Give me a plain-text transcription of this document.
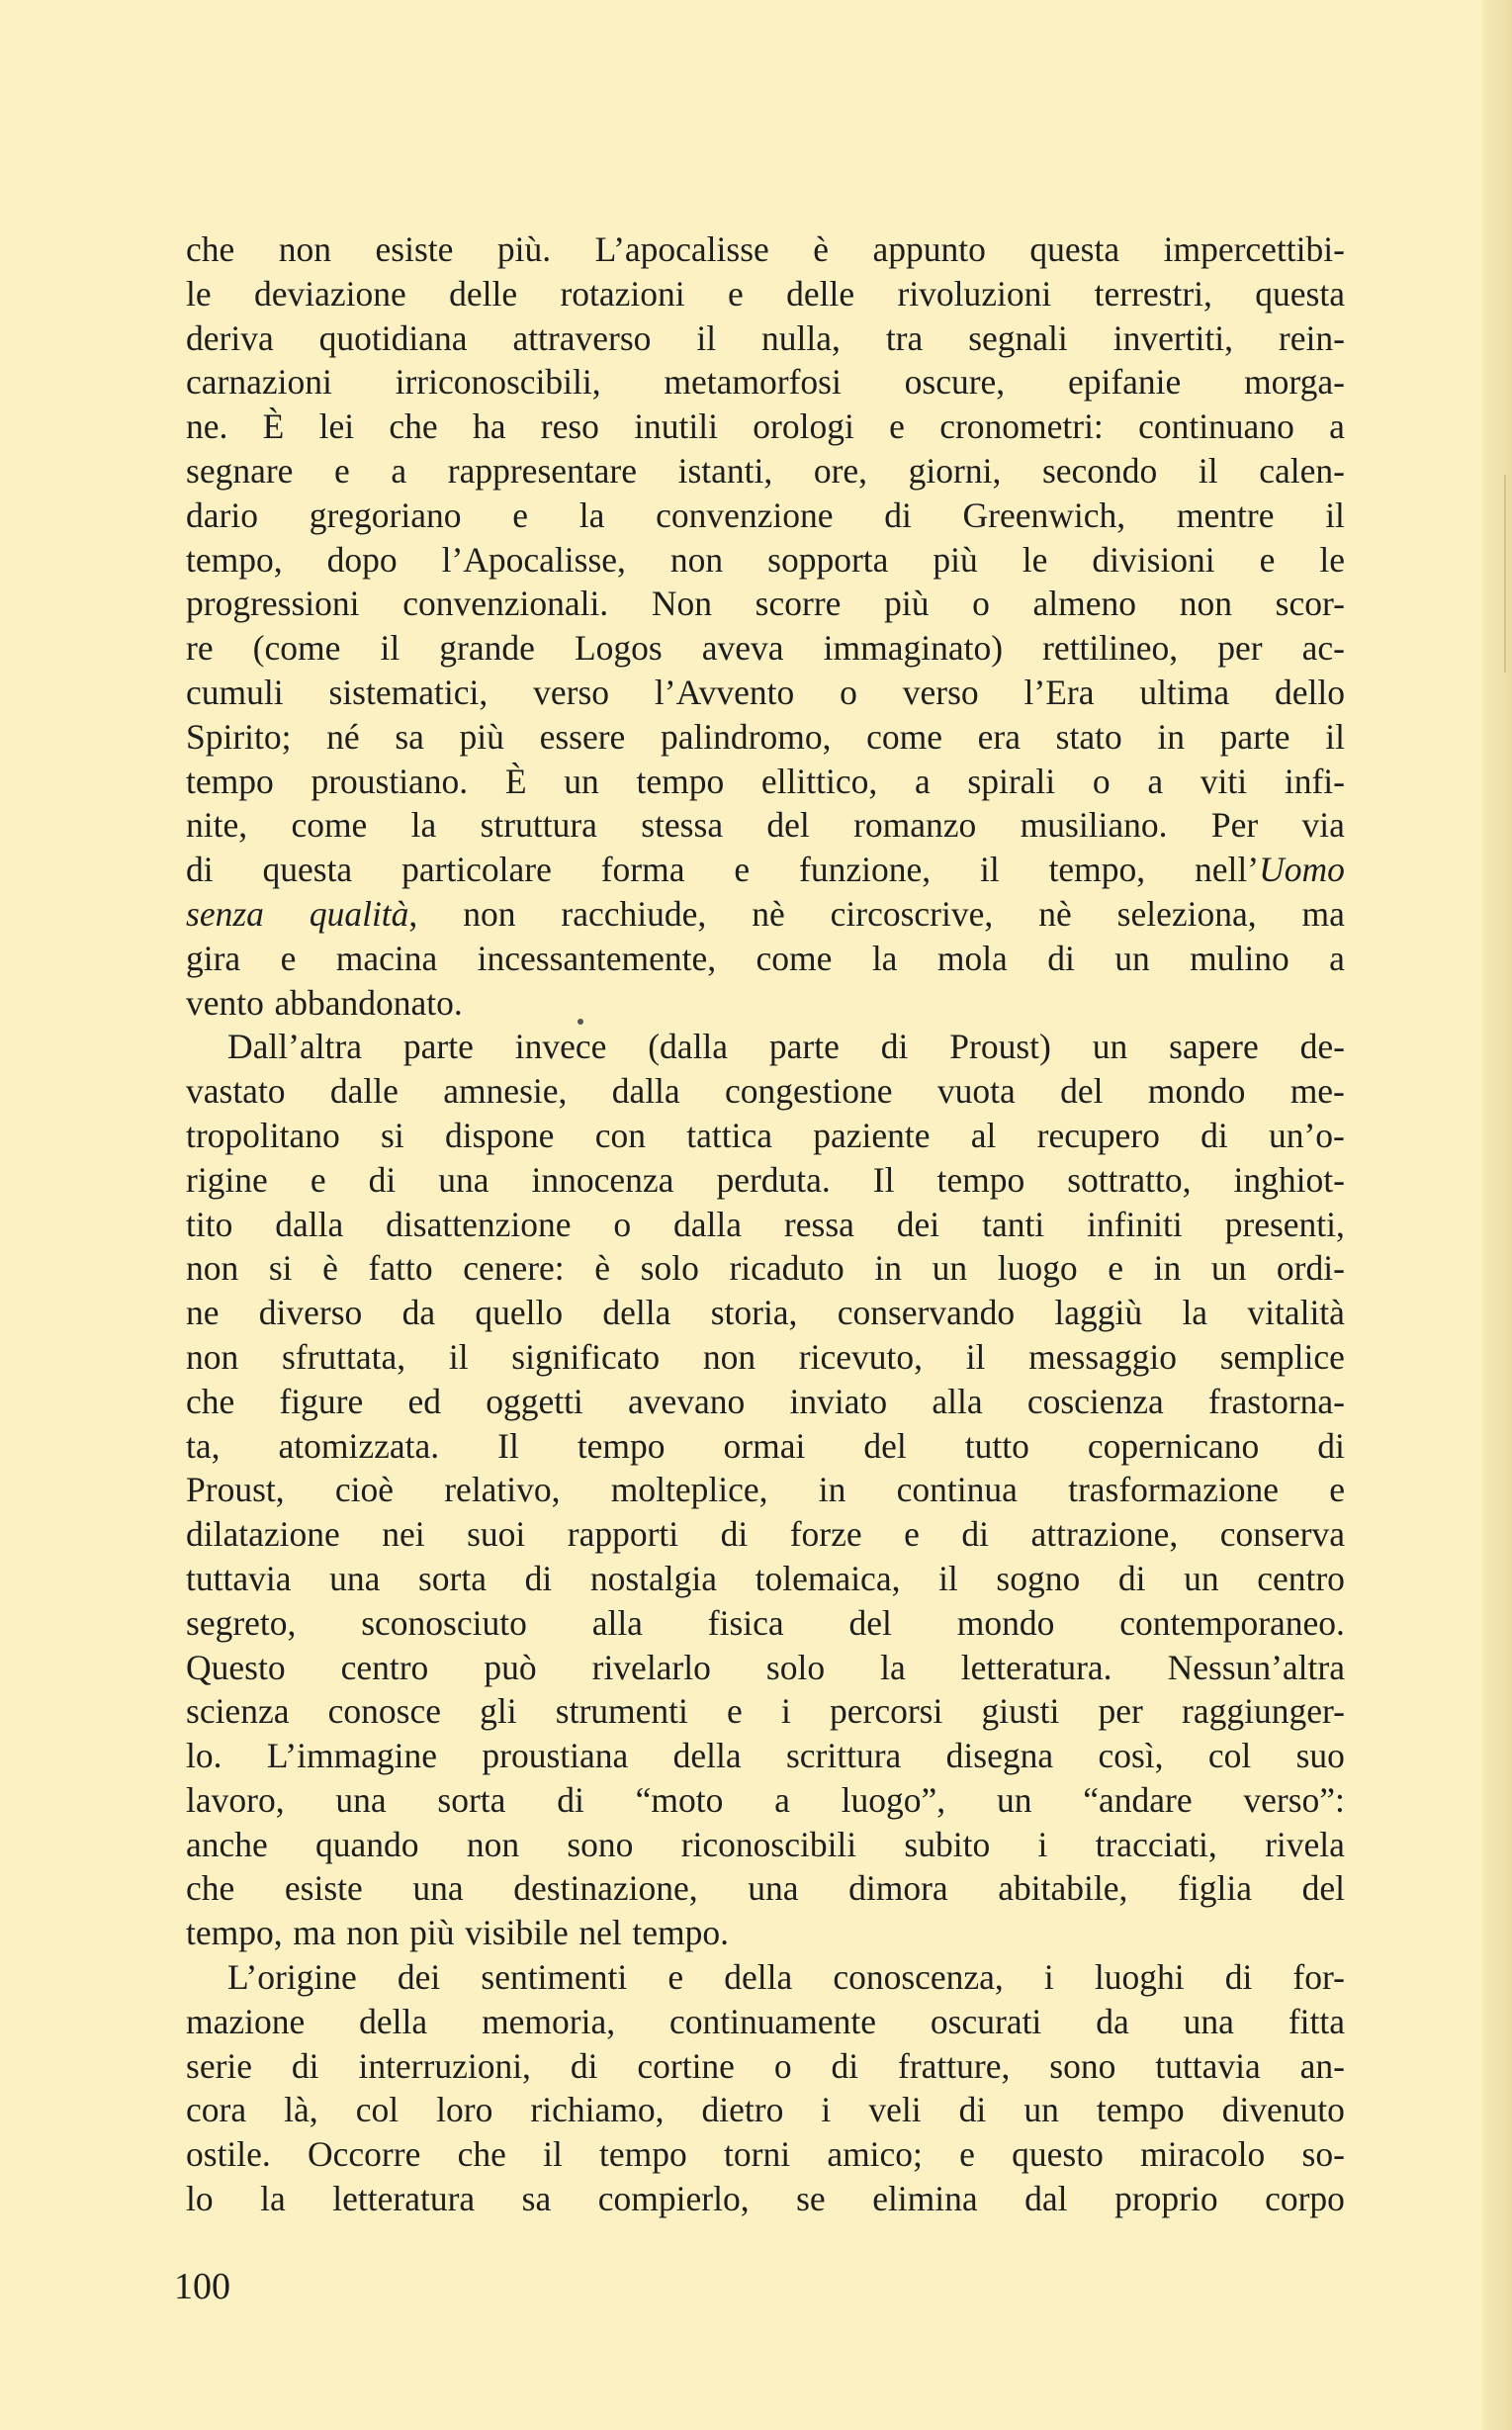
che non esiste più. L’apocalisse è appunto questa impercettibi-
le deviazione delle rotazioni e delle rivoluzioni terrestri, questa
deriva quotidiana attraverso il nulla, tra segnali invertiti, rein-
carnazioni irriconoscibili, metamorfosi oscure, epifanie morga-
ne. È lei che ha reso inutili orologi e cronometri: continuano a
segnare e a rappresentare istanti, ore, giorni, secondo il calen-
dario gregoriano e la convenzione di Greenwich, mentre il
tempo, dopo l’Apocalisse, non sopporta più le divisioni e le
progressioni convenzionali. Non scorre più o almeno non scor-
re (come il grande Logos aveva immaginato) rettilineo, per ac-
cumuli sistematici, verso l’Avvento o verso l’Era ultima dello
Spirito; né sa più essere palindromo, come era stato in parte il
tempo proustiano. È un tempo ellittico, a spirali o a viti infi-
nite, come la struttura stessa del romanzo musiliano. Per via
di questa particolare forma e funzione, il tempo, nell’Uomo
senza qualità, non racchiude, nè circoscrive, nè seleziona, ma
gira e macina incessantemente, come la mola di un mulino a
vento abbandonato.
Dall’altra parte invece (dalla parte di Proust) un sapere de-
vastato dalle amnesie, dalla congestione vuota del mondo me-
tropolitano si dispone con tattica paziente al recupero di un’o-
rigine e di una innocenza perduta. Il tempo sottratto, inghiot-
tito dalla disattenzione o dalla ressa dei tanti infiniti presenti,
non si è fatto cenere: è solo ricaduto in un luogo e in un ordi-
ne diverso da quello della storia, conservando laggiù la vitalità
non sfruttata, il significato non ricevuto, il messaggio semplice
che figure ed oggetti avevano inviato alla coscienza frastorna-
ta, atomizzata. Il tempo ormai del tutto copernicano di
Proust, cioè relativo, molteplice, in continua trasformazione e
dilatazione nei suoi rapporti di forze e di attrazione, conserva
tuttavia una sorta di nostalgia tolemaica, il sogno di un centro
segreto, sconosciuto alla fisica del mondo contemporaneo.
Questo centro può rivelarlo solo la letteratura. Nessun’altra
scienza conosce gli strumenti e i percorsi giusti per raggiunger-
lo. L’immagine proustiana della scrittura disegna così, col suo
lavoro, una sorta di “moto a luogo”, un “andare verso”:
anche quando non sono riconoscibili subito i tracciati, rivela
che esiste una destinazione, una dimora abitabile, figlia del
tempo, ma non più visibile nel tempo.
L’origine dei sentimenti e della conoscenza, i luoghi di for-
mazione della memoria, continuamente oscurati da una fitta
serie di interruzioni, di cortine o di fratture, sono tuttavia an-
cora là, col loro richiamo, dietro i veli di un tempo divenuto
ostile. Occorre che il tempo torni amico; e questo miracolo so-
lo la letteratura sa compierlo, se elimina dal proprio corpo
100
